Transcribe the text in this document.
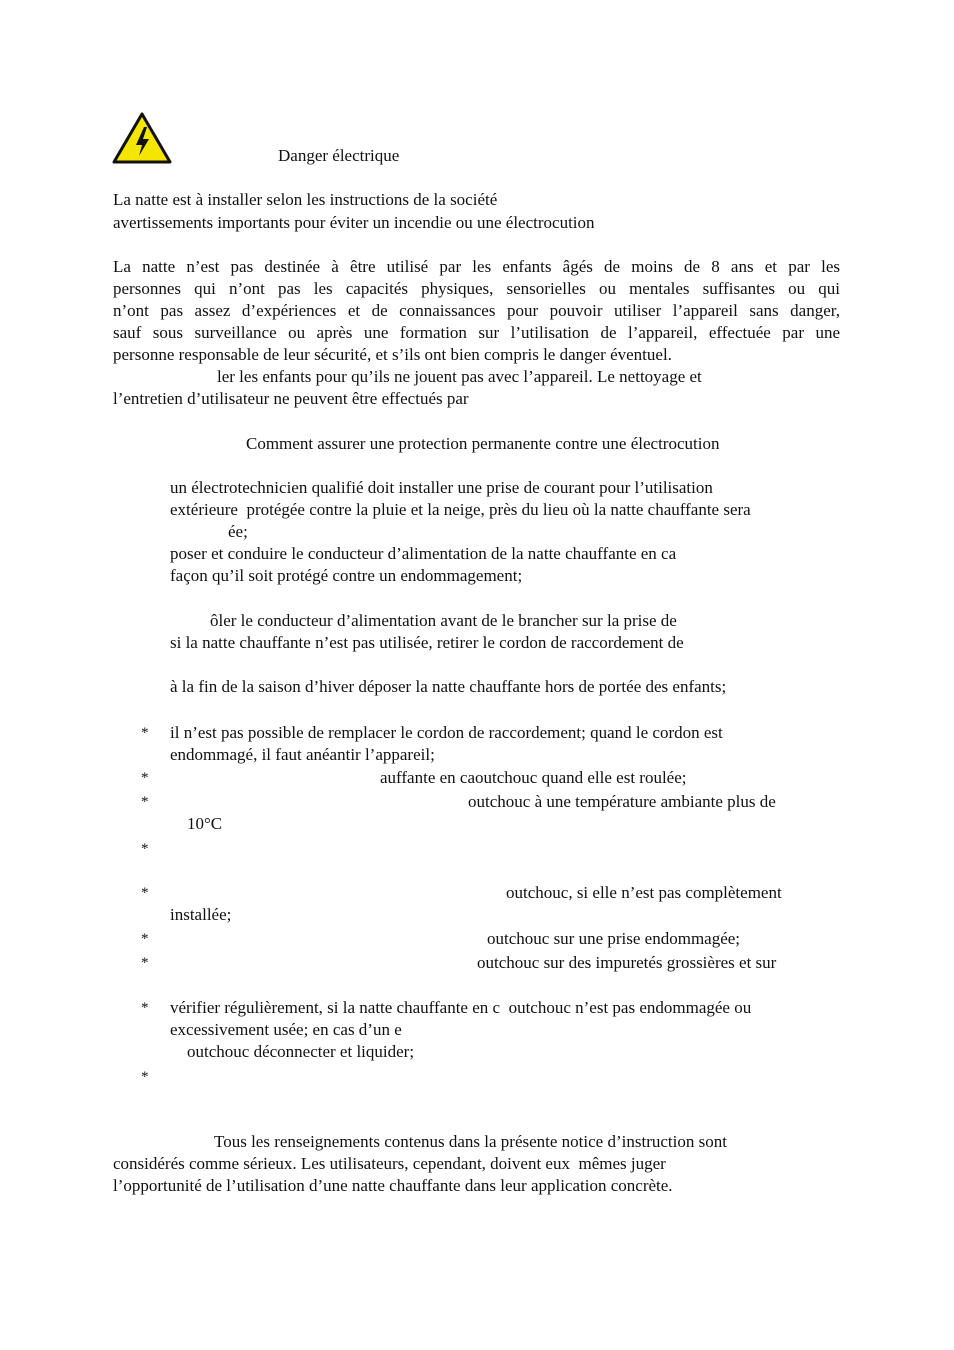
Danger électrique
La natte est à installer selon les instructions de la société
avertissements importants pour éviter un incendie ou une électrocution
La natte n’est pas destinée à être utilisé par les enfants âgés de moins de 8 ans et par les
personnes qui n’ont pas les capacités physiques, sensorielles ou mentales suffisantes ou qui
n’ont pas assez d’expériences et de connaissances pour pouvoir utiliser l’appareil sans danger,
sauf sous surveillance ou après une formation sur l’utilisation de l’appareil, effectuée par une
personne responsable de leur sécurité, et s’ils ont bien compris le danger éventuel.
ler les enfants pour qu’ils ne jouent pas avec l’appareil. Le nettoyage et
l’entretien d’utilisateur ne peuvent être effectués par
Comment assurer une protection permanente contre une électrocution
un électrotechnicien qualifié doit installer une prise de courant pour l’utilisation
extérieure  protégée contre la pluie et la neige, près du lieu où la natte chauffante sera
ée;
poser et conduire le conducteur d’alimentation de la natte chauffante en ca
façon qu’il soit protégé contre un endommagement;
ôler le conducteur d’alimentation avant de le brancher sur la prise de
si la natte chauffante n’est pas utilisée, retirer le cordon de raccordement de
à la fin de la saison d’hiver déposer la natte chauffante hors de portée des enfants;
* il n’est pas possible de remplacer le cordon de raccordement; quand le cordon est
endommagé, il faut anéantir l’appareil;
*	auffante en caoutchouc quand elle est roulée;
*	outchouc à une température ambiante plus de
10°C
*
*	outchouc, si elle n’est pas complètement
installée;
*	outchouc sur une prise endommagée;
*	outchouc sur des impuretés grossières et sur
* vérifier régulièrement, si la natte chauffante en c  outchouc n’est pas endommagée ou
excessivement usée; en cas d’un e
outchouc déconnecter et liquider;
*
Tous les renseignements contenus dans la présente notice d’instruction sont
considérés comme sérieux. Les utilisateurs, cependant, doivent eux  mêmes juger
l’opportunité de l’utilisation d’une natte chauffante dans leur application concrète.
